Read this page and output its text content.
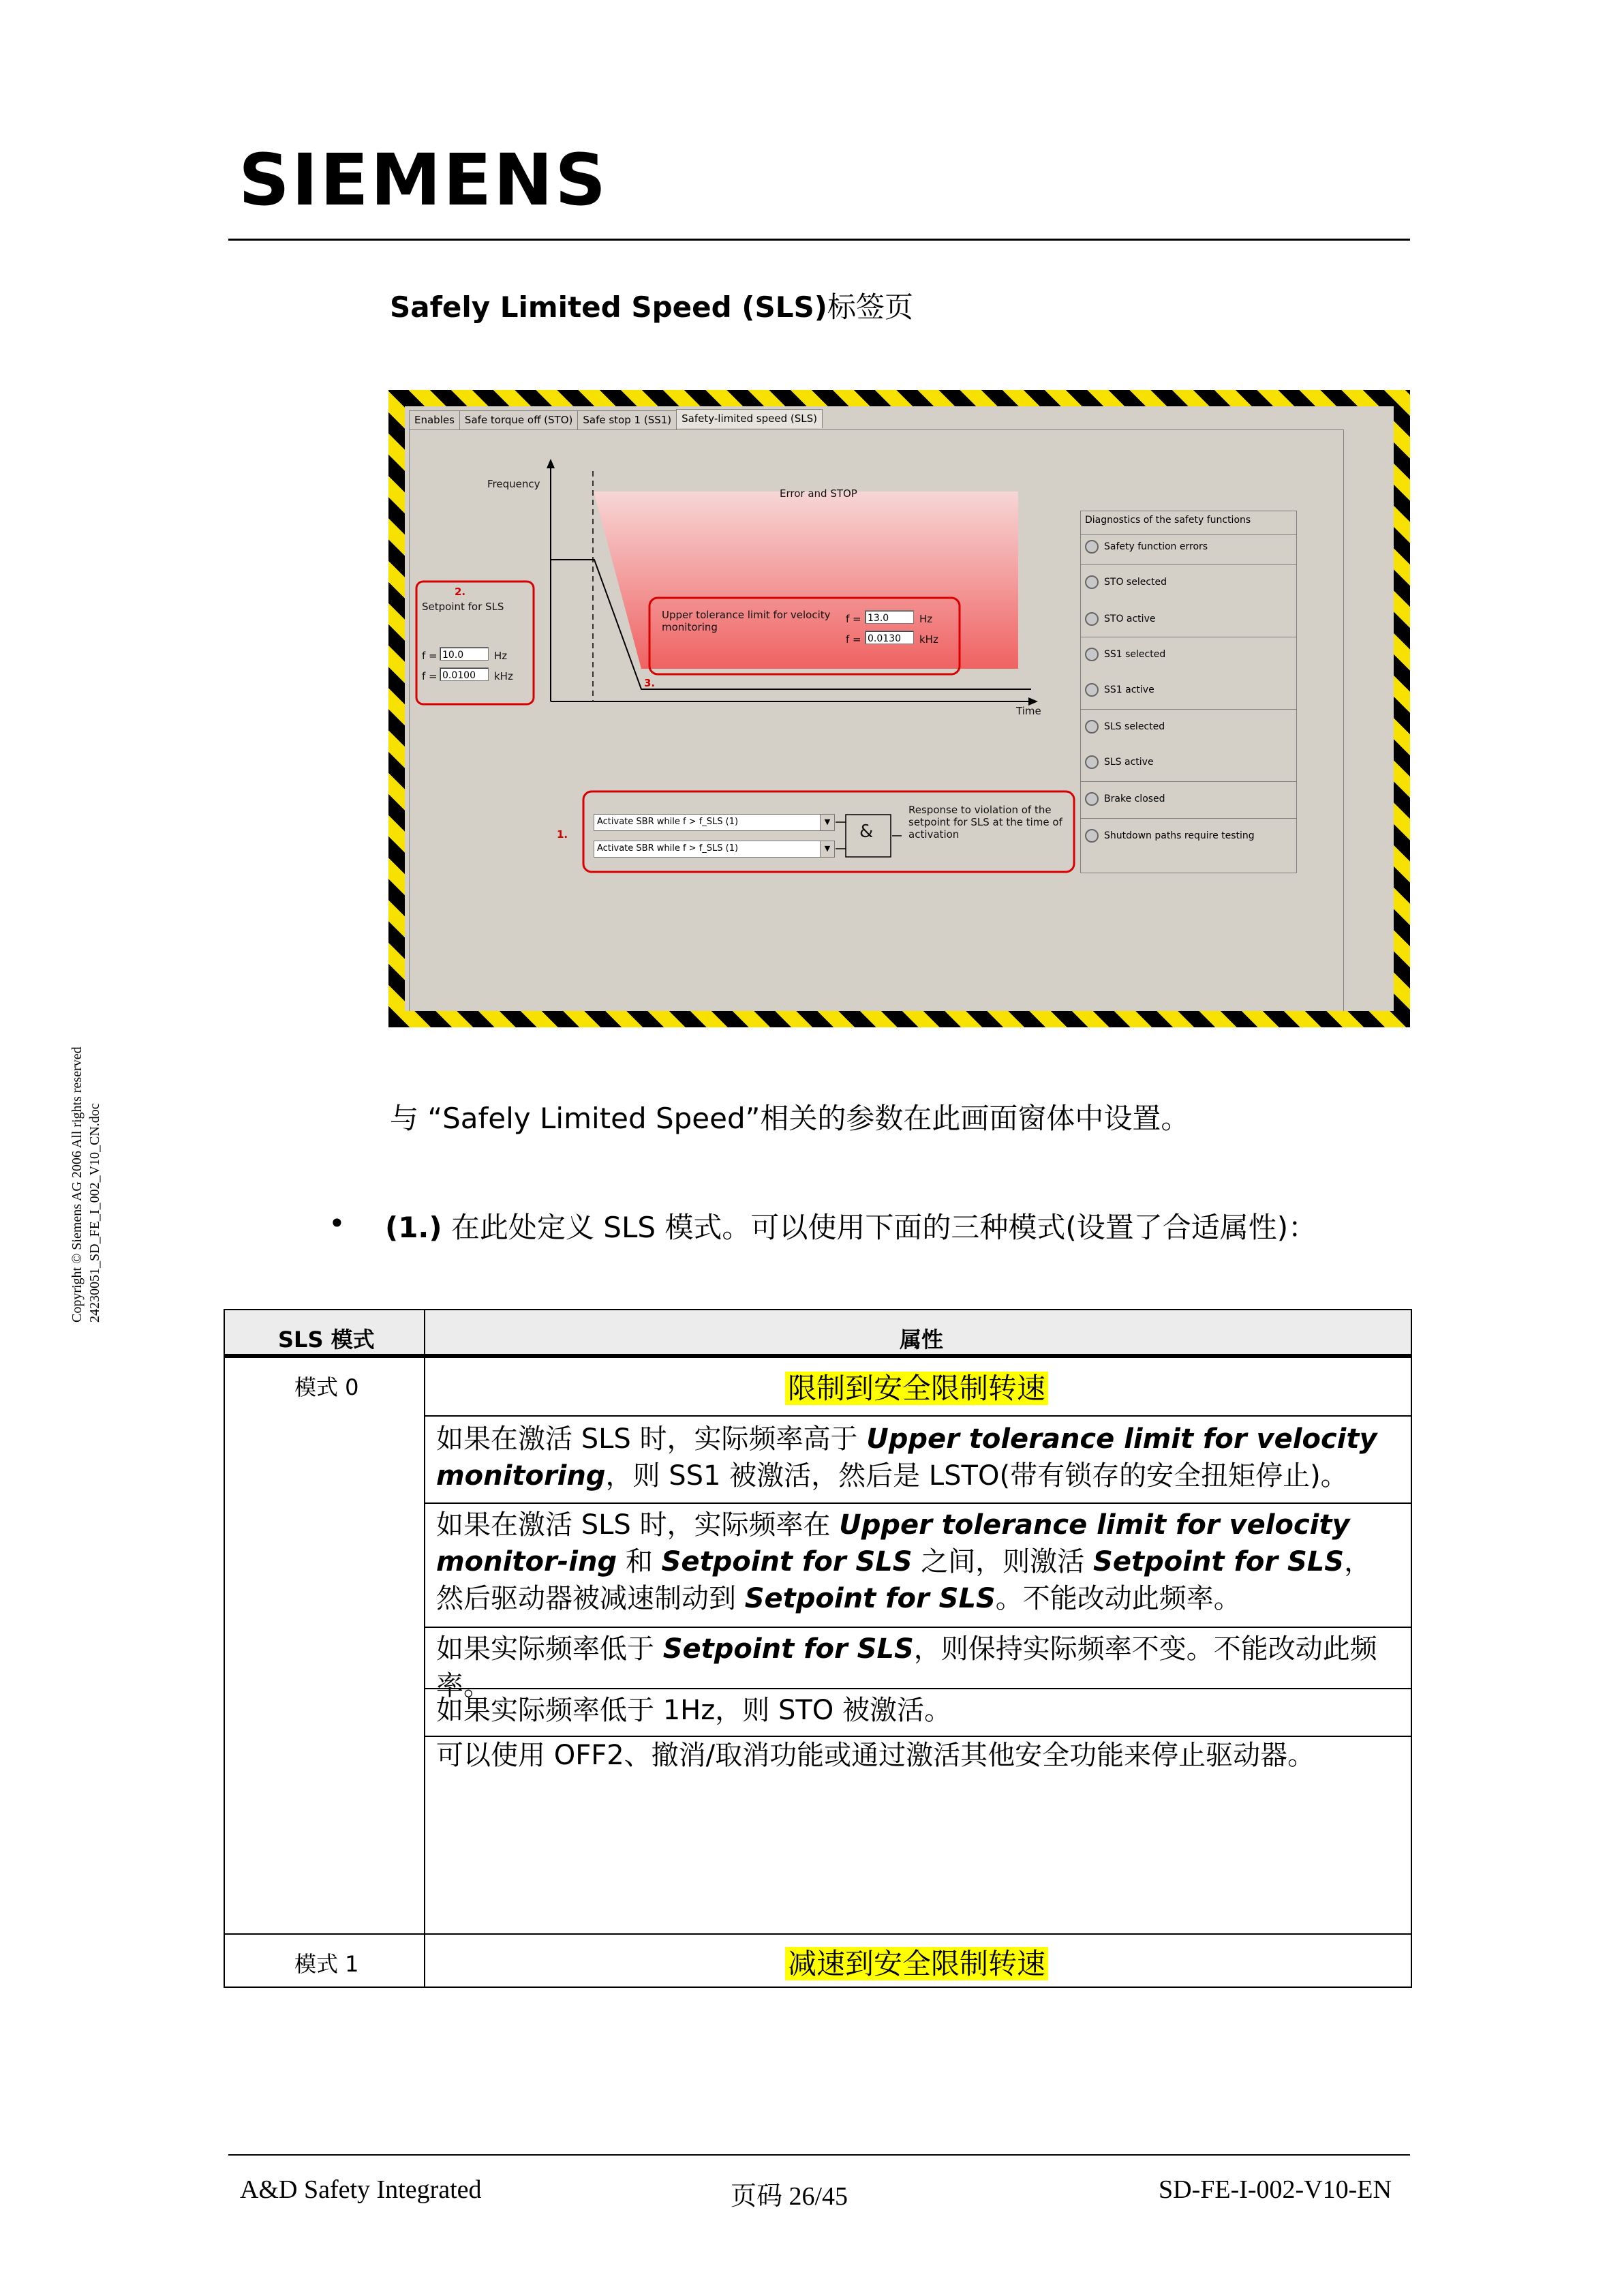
SIEMENS
Copyright © Siemens AG 2006 All rights reserved 24230051_SD_FE_I_002_V10_CN.doc
Safely Limited Speed (SLS)标签页
Enables	Safe torque off (STO)	Safe stop 1 (SS1)	Safety-limited speed (SLS)
Frequency
Time
Error and STOP
2.
3.
1.
Setpoint for SLS
f = 10.0	Hz
f = 0.0100	kHz
Upper tolerance limit for velocity monitoring
f = 13.0	Hz
f = 0.0130	kHz
Activate SBR while f > f_SLS (1)	▼
Activate SBR while f > f_SLS (1)	▼
&
Response to violation of the setpoint for SLS at the time of activation
Diagnostics of the safety functions
Safety function errors
STO selected
STO active
SS1 selected
SS1 active
SLS selected
SLS active
Brake closed
Shutdown paths require testing
与 “Safely Limited Speed”相关的参数在此画面窗体中设置。
• (1.) 在此处定义 SLS 模式。可以使用下面的三种模式(设置了合适属性)：
SLS 模式	属性
模式 0	限制到安全限制转速
如果在激活 SLS 时，实际频率高于 Upper tolerance limit for velocity monitoring，则 SS1 被激活，然后是 LSTO(带有锁存的安全扭矩停止)。
如果在激活 SLS 时，实际频率在 Upper tolerance limit for velocity monitor-ing 和 Setpoint for SLS 之间，则激活 Setpoint for SLS，然后驱动器被减速制动到 Setpoint for SLS。不能改动此频率。
如果实际频率低于 Setpoint for SLS，则保持实际频率不变。不能改动此频率。
如果实际频率低于 1Hz，则 STO 被激活。
可以使用 OFF2、撤消/取消功能或通过激活其他安全功能来停止驱动器。
模式 1	减速到安全限制转速
A&D Safety Integrated	页码 26/45	SD-FE-I-002-V10-EN
